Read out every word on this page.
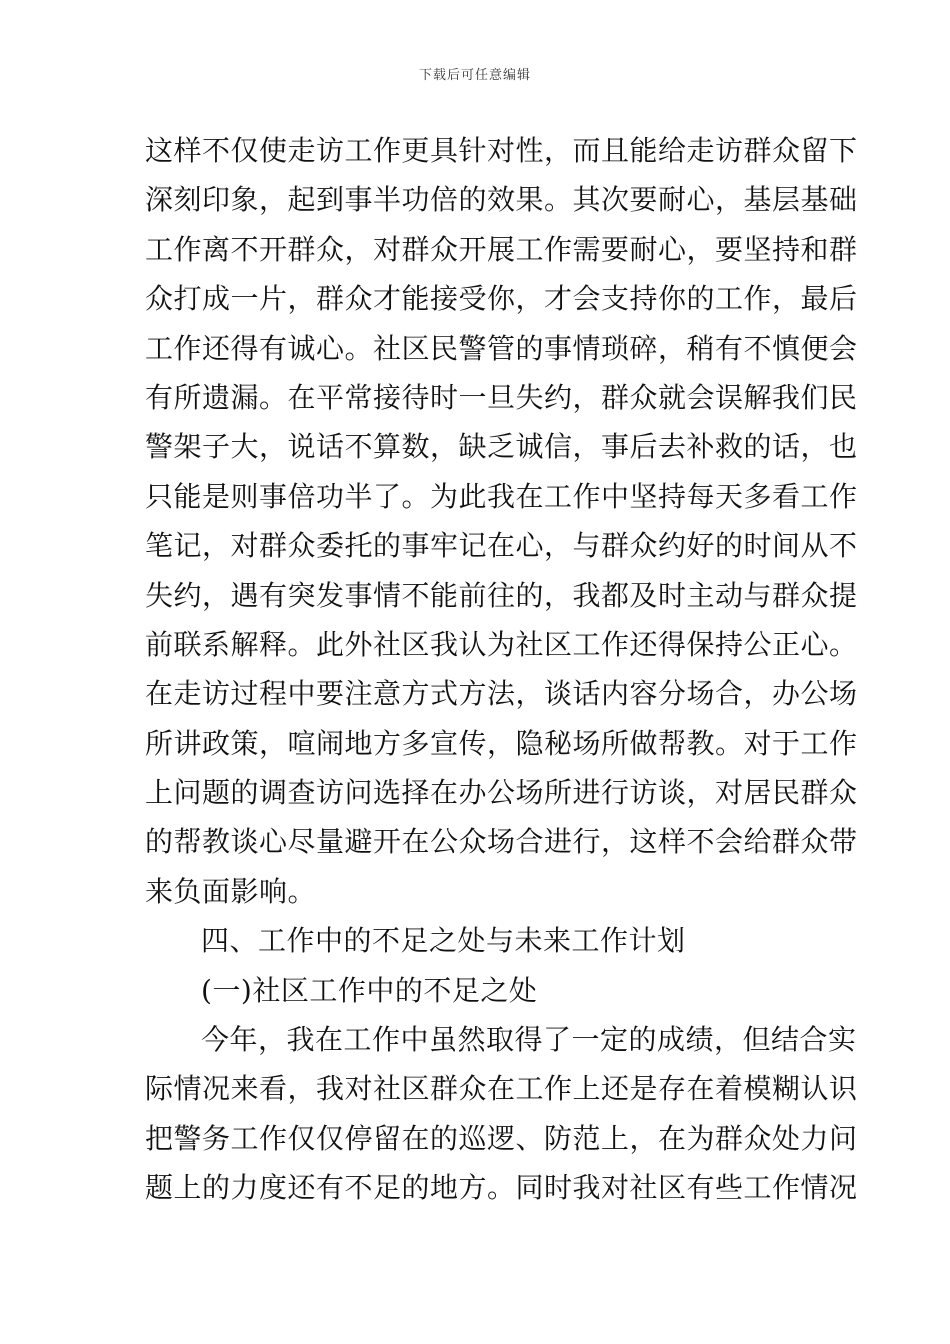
下载后可任意编辑
这样不仅使走访工作更具针对性，而且能给走访群众留下
深刻印象，起到事半功倍的效果。其次要耐心，基层基础
工作离不开群众，对群众开展工作需要耐心，要坚持和群
众打成一片，群众才能接受你，才会支持你的工作，最后
工作还得有诚心。社区民警管的事情琐碎，稍有不慎便会
有所遗漏。在平常接待时一旦失约，群众就会误解我们民
警架子大，说话不算数，缺乏诚信，事后去补救的话，也
只能是则事倍功半了。为此我在工作中坚持每天多看工作
笔记，对群众委托的事牢记在心，与群众约好的时间从不
失约，遇有突发事情不能前往的，我都及时主动与群众提
前联系解释。此外社区我认为社区工作还得保持公正心。
在走访过程中要注意方式方法，谈话内容分场合，办公场
所讲政策，喧闹地方多宣传，隐秘场所做帮教。对于工作
上问题的调查访问选择在办公场所进行访谈，对居民群众
的帮教谈心尽量避开在公众场合进行，这样不会给群众带
来负面影响。
四、工作中的不足之处与未来工作计划
(一)社区工作中的不足之处
今年，我在工作中虽然取得了一定的成绩，但结合实
际情况来看，我对社区群众在工作上还是存在着模糊认识
把警务工作仅仅停留在的巡逻、防范上，在为群众处力问
题上的力度还有不足的地方。同时我对社区有些工作情况
